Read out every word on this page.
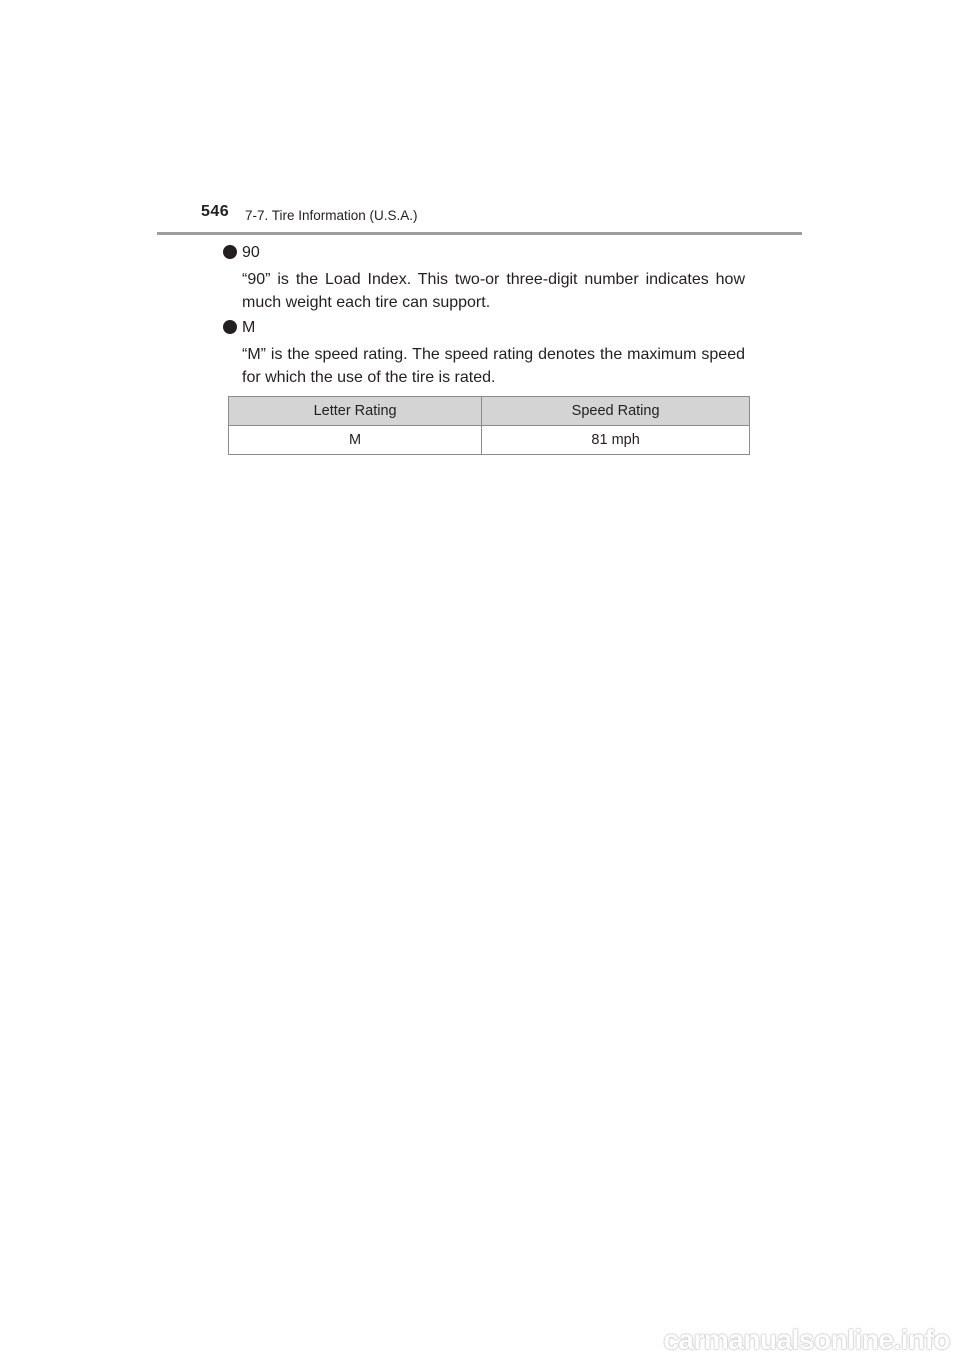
546 7-7. Tire Information (U.S.A.)
90
“90” is the Load Index. This two-or three-digit number indicates how much weight each tire can support.
M
“M” is the speed rating. The speed rating denotes the maximum speed for which the use of the tire is rated.
Letter Rating	Speed Rating
M	81 mph
carmanualsonline.info
